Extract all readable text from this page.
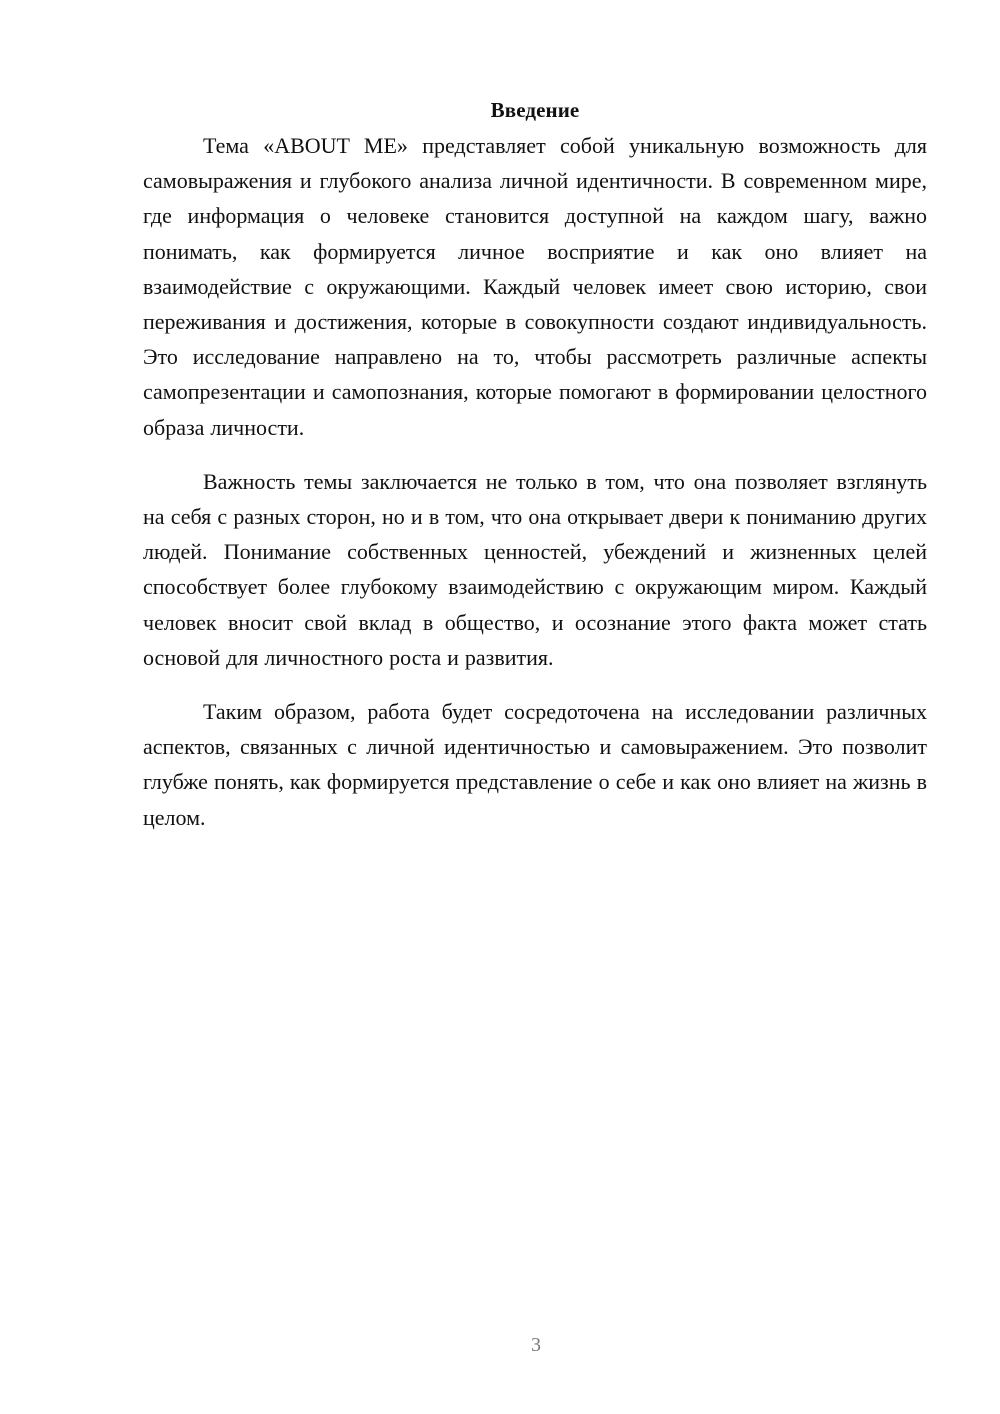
Введение

Тема «ABOUT ME» представляет собой уникальную возможность для самовыражения и глубокого анализа личной идентичности. В современном мире, где информация о человеке становится доступной на каждом шагу, важно понимать, как формируется личное восприятие и как оно влияет на взаимодействие с окружающими. Каждый человек имеет свою историю, свои переживания и достижения, которые в совокупности создают индивидуальность. Это исследование направлено на то, чтобы рассмотреть различные аспекты самопрезентации и самопознания, которые помогают в формировании целостного образа личности.

Важность темы заключается не только в том, что она позволяет взглянуть на себя с разных сторон, но и в том, что она открывает двери к пониманию других людей. Понимание собственных ценностей, убеждений и жизненных целей способствует более глубокому взаимодействию с окружающим миром. Каждый человек вносит свой вклад в общество, и осознание этого факта может стать основой для личностного роста и развития.

Таким образом, работа будет сосредоточена на исследовании различных аспектов, связанных с личной идентичностью и самовыражением. Это позволит глубже понять, как формируется представление о себе и как оно влияет на жизнь в целом.

3
